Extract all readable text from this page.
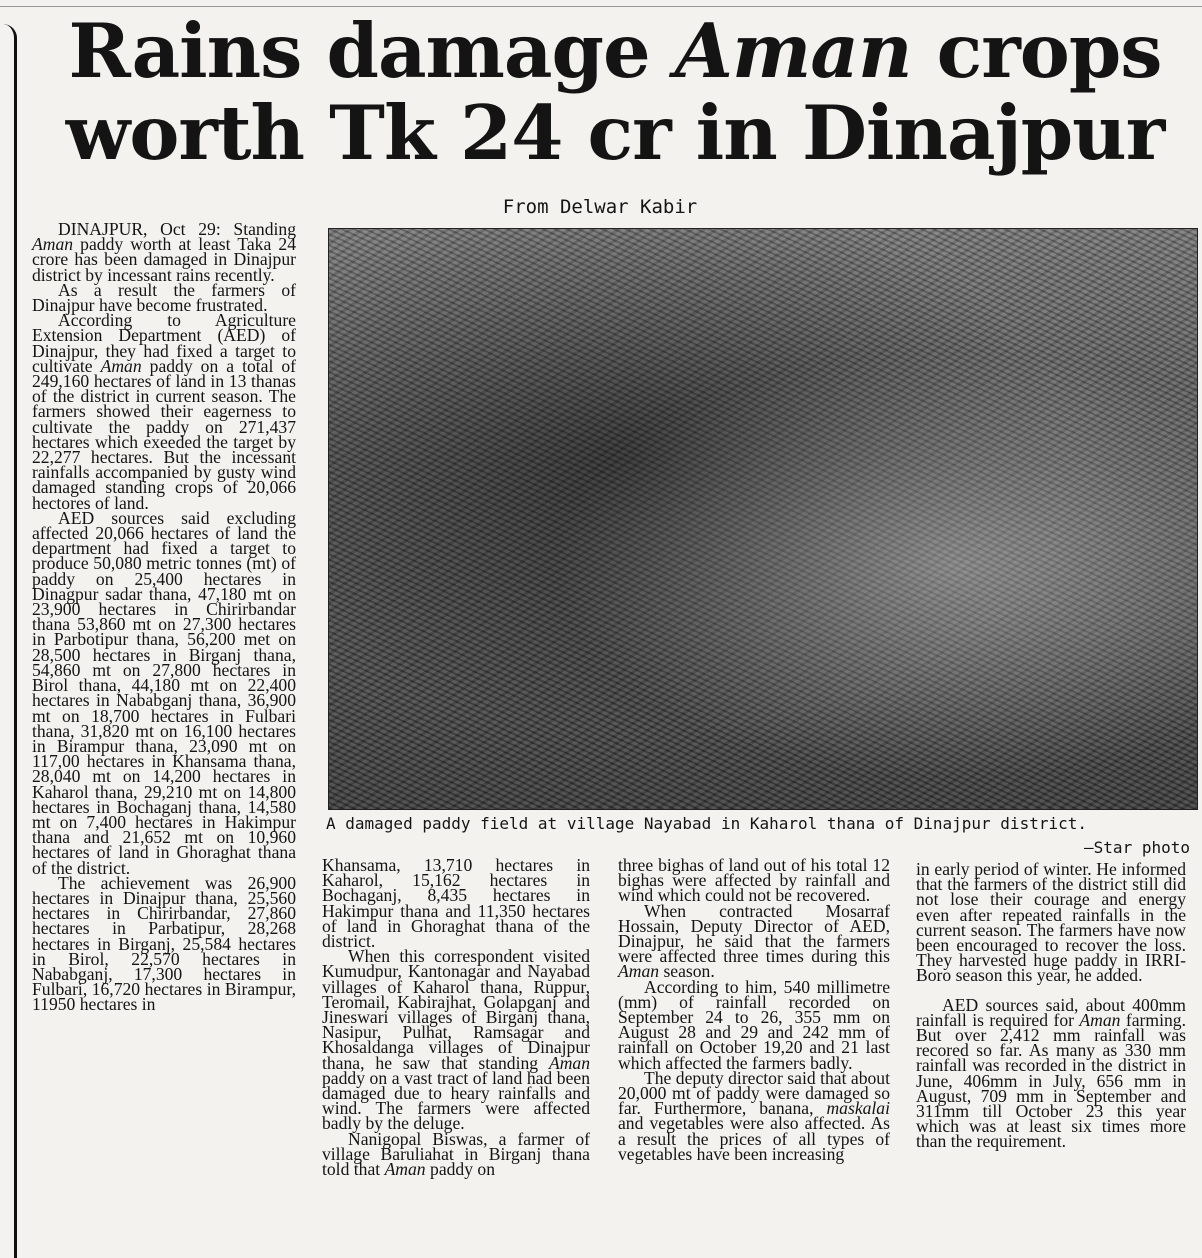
Rains damage Aman crops
worth Tk 24 cr in Dinajpur
From Delwar Kabir

DINAJPUR, Oct 29: Standing Aman paddy worth at least Taka 24 crore has been damaged in Dinajpur district by incessant rains recently.

As a result the farmers of Dinajpur have become frustrated.

According to Agriculture Extension Department (AED) of Dinajpur, they had fixed a target to cultivate Aman paddy on a total of 249,160 hectares of land in 13 thanas of the district in current season. The farmers showed their eagerness to cultivate the paddy on 271,437 hectares which exeeded the target by 22,277 hectares. But the incessant rainfalls accompanied by gusty wind damaged standing crops of 20,066 hectores of land.

AED sources said excluding affected 20,066 hectares of land the department had fixed a target to produce 50,080 metric tonnes (mt) of paddy on 25,400 hectares in Dinagpur sadar thana, 47,180 mt on 23,900 hectares in Chirirbandar thana 53,860 mt on 27,300 hectares in Parbotipur thana, 56,200 met on 28,500 hectares in Birganj thana, 54,860 mt on 27,800 hectares in Birol thana, 44,180 mt on 22,400 hectares in Nababganj thana, 36,900 mt on 18,700 hectares in Fulbari thana, 31,820 mt on 16,100 hectares in Birampur thana, 23,090 mt on 117,00 hectares in Khansama thana, 28,040 mt on 14,200 hectares in Kaharol thana, 29,210 mt on 14,800 hectares in Bochaganj thana, 14,580 mt on 7,400 hectares in Hakimpur thana and 21,652 mt on 10,960 hectares of land in Ghoraghat thana of the district.

The achievement was 26,900 hectares in Dinajpur thana, 25,560 hectares in Chirirbandar, 27,860 hectares in Parbatipur, 28,268 hectares in Birganj, 25,584 hectares in Birol, 22,570 hectares in Nababganj, 17,300 hectares in Fulbari, 16,720 hectares in Birampur, 11950 hectares in

A damaged paddy field at village Nayabad in Kaharol thana of Dinajpur district.
—Star photo

Khansama, 13,710 hectares in Kaharol, 15,162 hectares in Bochaganj, 8,435 hectares in Hakimpur thana and 11,350 hectares of land in Ghoraghat thana of the district.

When this correspondent visited Kumudpur, Kantonagar and Nayabad villages of Kaharol thana, Ruppur, Teromail, Kabirajhat, Golapganj and Jineswari villages of Birganj thana, Nasipur, Pulhat, Ramsagar and Khosaldanga villages of Dinajpur thana, he saw that standing Aman paddy on a vast tract of land had been damaged due to heary rainfalls and wind. The farmers were affected badly by the deluge.

Nanigopal Biswas, a farmer of village Baruliahat in Birganj thana told that Aman paddy on

three bighas of land out of his total 12 bighas were affected by rainfall and wind which could not be recovered.

When contracted Mosarraf Hossain, Deputy Director of AED, Dinajpur, he said that the farmers were affected three times during this Aman season.

According to him, 540 millimetre (mm) of rainfall recorded on September 24 to 26, 355 mm on August 28 and 29 and 242 mm of rainfall on October 19,20 and 21 last which affected the farmers badly.

The deputy director said that about 20,000 mt of paddy were damaged so far. Furthermore, banana, maskalai and vegetables were also affected. As a result the prices of all types of vegetables have been increasing

in early period of winter. He informed that the farmers of the district still did not lose their courage and energy even after repeated rainfalls in the current season. The farmers have now been encouraged to recover the loss. They harvested huge paddy in IRRI-Boro season this year, he added.

AED sources said, about 400mm rainfall is required for Aman farming. But over 2,412 mm rainfall was recored so far. As many as 330 mm rainfall was recorded in the district in June, 406mm in July, 656 mm in August, 709 mm in September and 311mm till October 23 this year which was at least six times more than the requirement.
